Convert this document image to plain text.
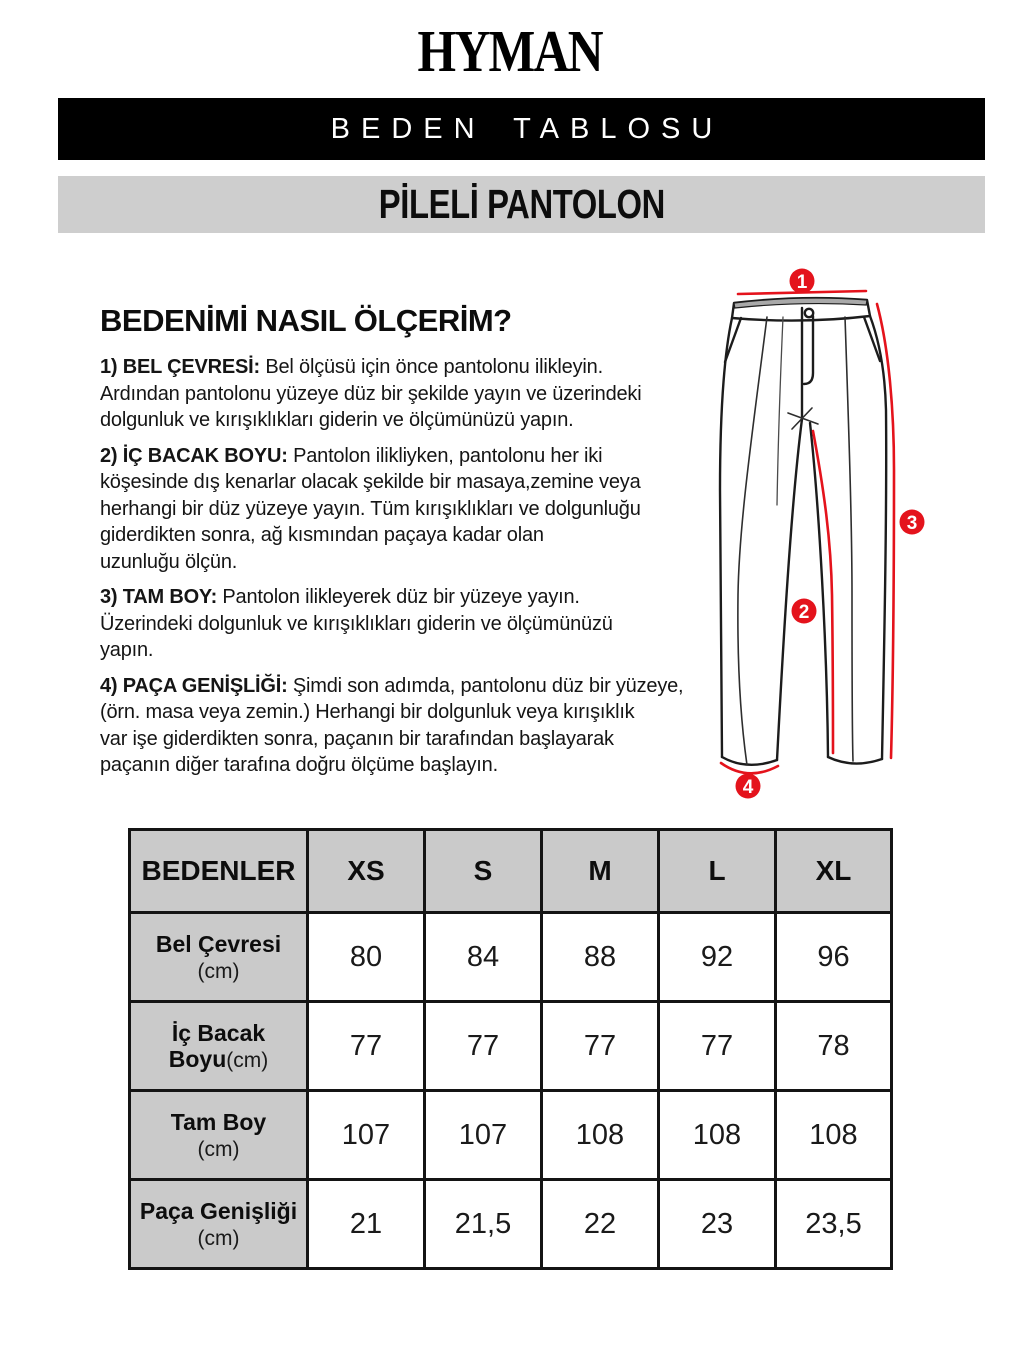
HYMAN
BEDEN TABLOSU
PİLELİ PANTOLON
BEDENİMİ NASIL ÖLÇERİM?

1) BEL ÇEVRESİ: Bel ölçüsü için önce pantolonu ilikleyin.
Ardından pantolonu yüzeye düz bir şekilde yayın ve üzerindeki
dolgunluk ve kırışıklıkları giderin ve ölçümünüzü yapın.

2) İÇ BACAK BOYU: Pantolon ilikliyken, pantolonu her iki
köşesinde dış kenarlar olacak şekilde bir masaya,zemine veya
herhangi bir düz yüzeye yayın. Tüm kırışıklıkları ve dolgunluğu
giderdikten sonra, ağ kısmından paçaya kadar olan
uzunluğu ölçün.

3) TAM BOY: Pantolon ilikleyerek düz bir yüzeye yayın.
Üzerindeki dolgunluk ve kırışıklıkları giderin ve ölçümünüzü
yapın.

4) PAÇA GENİŞLİĞİ: Şimdi son adımda, pantolonu düz bir yüzeye,
(örn. masa veya zemin.) Herhangi bir dolgunluk veya kırışıklık
var işe giderdikten sonra, paçanın bir tarafından başlayarak
paçanın diğer tarafına doğru ölçüme başlayın.

1
2
3
4
BEDENLER	XS	S	M	L	XL

Bel Çevresi
(cm)	80	84	88	92	96

İç Bacak
Boyu(cm)	77	77	77	77	78

Tam Boy
(cm)	107	107	108	108	108

Paça Genişliği
(cm)	21	21,5	22	23	23,5
